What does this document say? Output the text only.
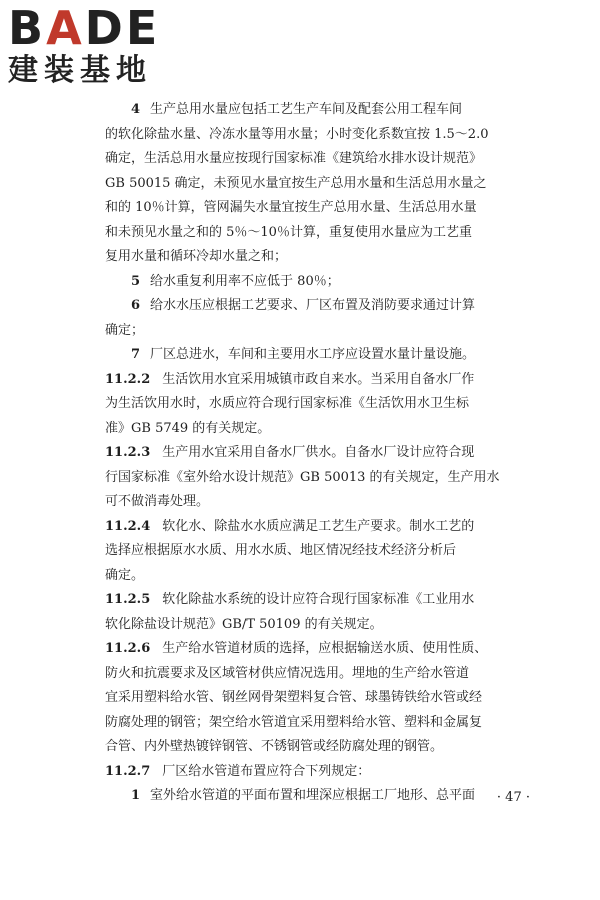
BADE
建装基地
4 生产总用水量应包括工艺生产车间及配套公用工程车间
的软化除盐水量、冷冻水量等用水量；小时变化系数宜按 1.5～2.0
确定，生活总用水量应按现行国家标准《建筑给水排水设计规范》
GB 50015 确定，未预见水量宜按生产总用水量和生活总用水量之
和的 10％计算，管网漏失水量宜按生产总用水量、生活总用水量
和未预见水量之和的 5％～10％计算，重复使用水量应为工艺重
复用水量和循环冷却水量之和；
5 给水重复利用率不应低于 80％；
6 给水水压应根据工艺要求、厂区布置及消防要求通过计算
确定；
7 厂区总进水，车间和主要用水工序应设置水量计量设施。
11.2.2 生活饮用水宜采用城镇市政自来水。当采用自备水厂作
为生活饮用水时，水质应符合现行国家标准《生活饮用水卫生标
准》GB 5749 的有关规定。
11.2.3 生产用水宜采用自备水厂供水。自备水厂设计应符合现
行国家标准《室外给水设计规范》GB 50013 的有关规定，生产用水
可不做消毒处理。
11.2.4 软化水、除盐水水质应满足工艺生产要求。制水工艺的
选择应根据原水水质、用水水质、地区情况经技术经济分析后
确定。
11.2.5 软化除盐水系统的设计应符合现行国家标准《工业用水
软化除盐设计规范》GB/T 50109 的有关规定。
11.2.6 生产给水管道材质的选择，应根据输送水质、使用性质、
防火和抗震要求及区域管材供应情况选用。埋地的生产给水管道
宜采用塑料给水管、钢丝网骨架塑料复合管、球墨铸铁给水管或经
防腐处理的钢管；架空给水管道宜采用塑料给水管、塑料和金属复
合管、内外壁热镀锌钢管、不锈钢管或经防腐处理的钢管。
11.2.7 厂区给水管道布置应符合下列规定：
1 室外给水管道的平面布置和埋深应根据工厂地形、总平面	· 47 ·
